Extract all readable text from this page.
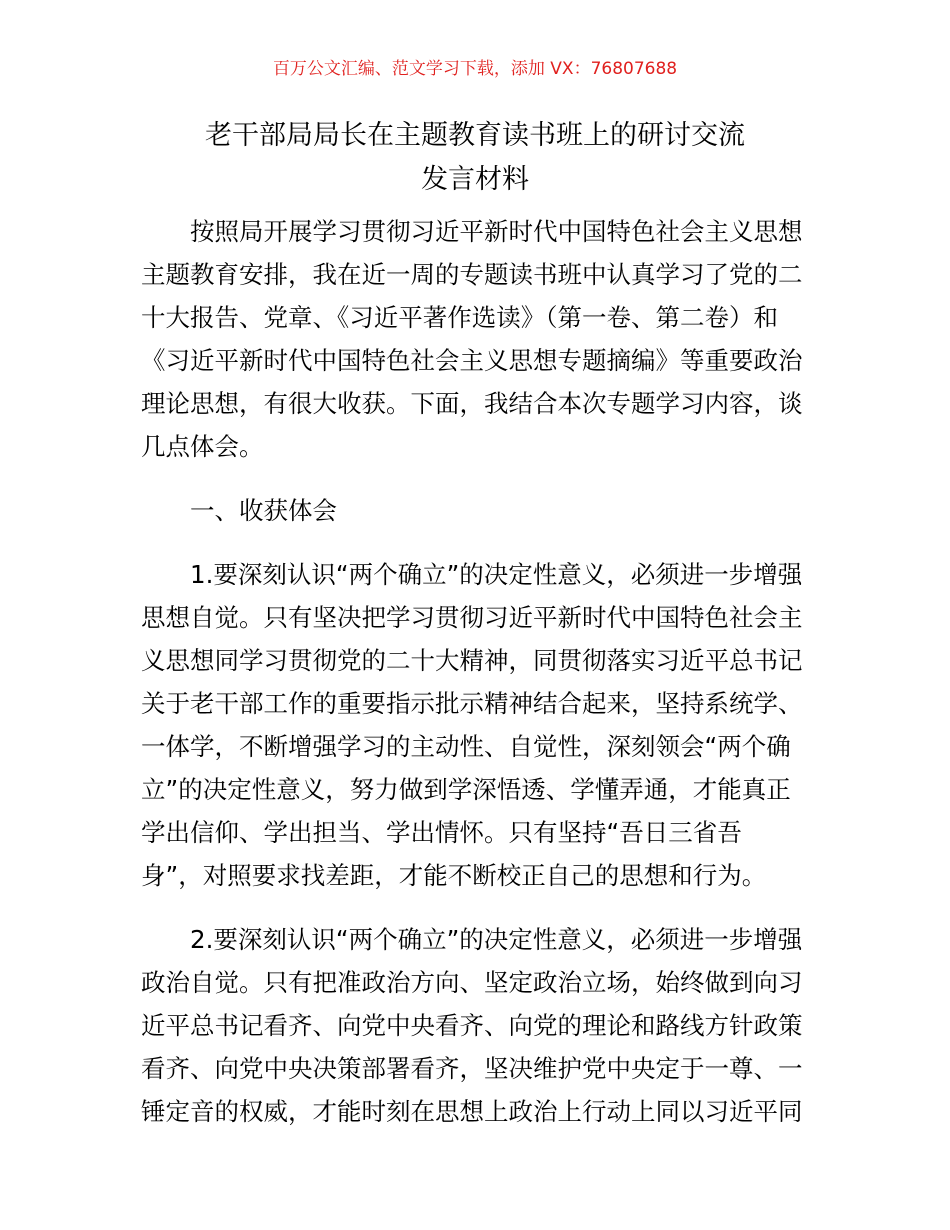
百万公文汇编、范文学习下载，添加 VX：76807688
老干部局局长在主题教育读书班上的研讨交流
发言材料
按照局开展学习贯彻习近平新时代中国特色社会主义思想
主题教育安排，我在近一周的专题读书班中认真学习了党的二
十大报告、党章、《习近平著作选读》（第一卷、第二卷）和
《习近平新时代中国特色社会主义思想专题摘编》等重要政治
理论思想，有很大收获。下面，我结合本次专题学习内容，谈
几点体会。
一、收获体会
1.要深刻认识“两个确立”的决定性意义，必须进一步增强
思想自觉。只有坚决把学习贯彻习近平新时代中国特色社会主
义思想同学习贯彻党的二十大精神，同贯彻落实习近平总书记
关于老干部工作的重要指示批示精神结合起来，坚持系统学、
一体学，不断增强学习的主动性、自觉性，深刻领会“两个确
立”的决定性意义，努力做到学深悟透、学懂弄通，才能真正
学出信仰、学出担当、学出情怀。只有坚持“吾日三省吾
身”，对照要求找差距，才能不断校正自己的思想和行为。
2.要深刻认识“两个确立”的决定性意义，必须进一步增强
政治自觉。只有把准政治方向、坚定政治立场，始终做到向习
近平总书记看齐、向党中央看齐、向党的理论和路线方针政策
看齐、向党中央决策部署看齐，坚决维护党中央定于一尊、一
锤定音的权威，才能时刻在思想上政治上行动上同以习近平同
